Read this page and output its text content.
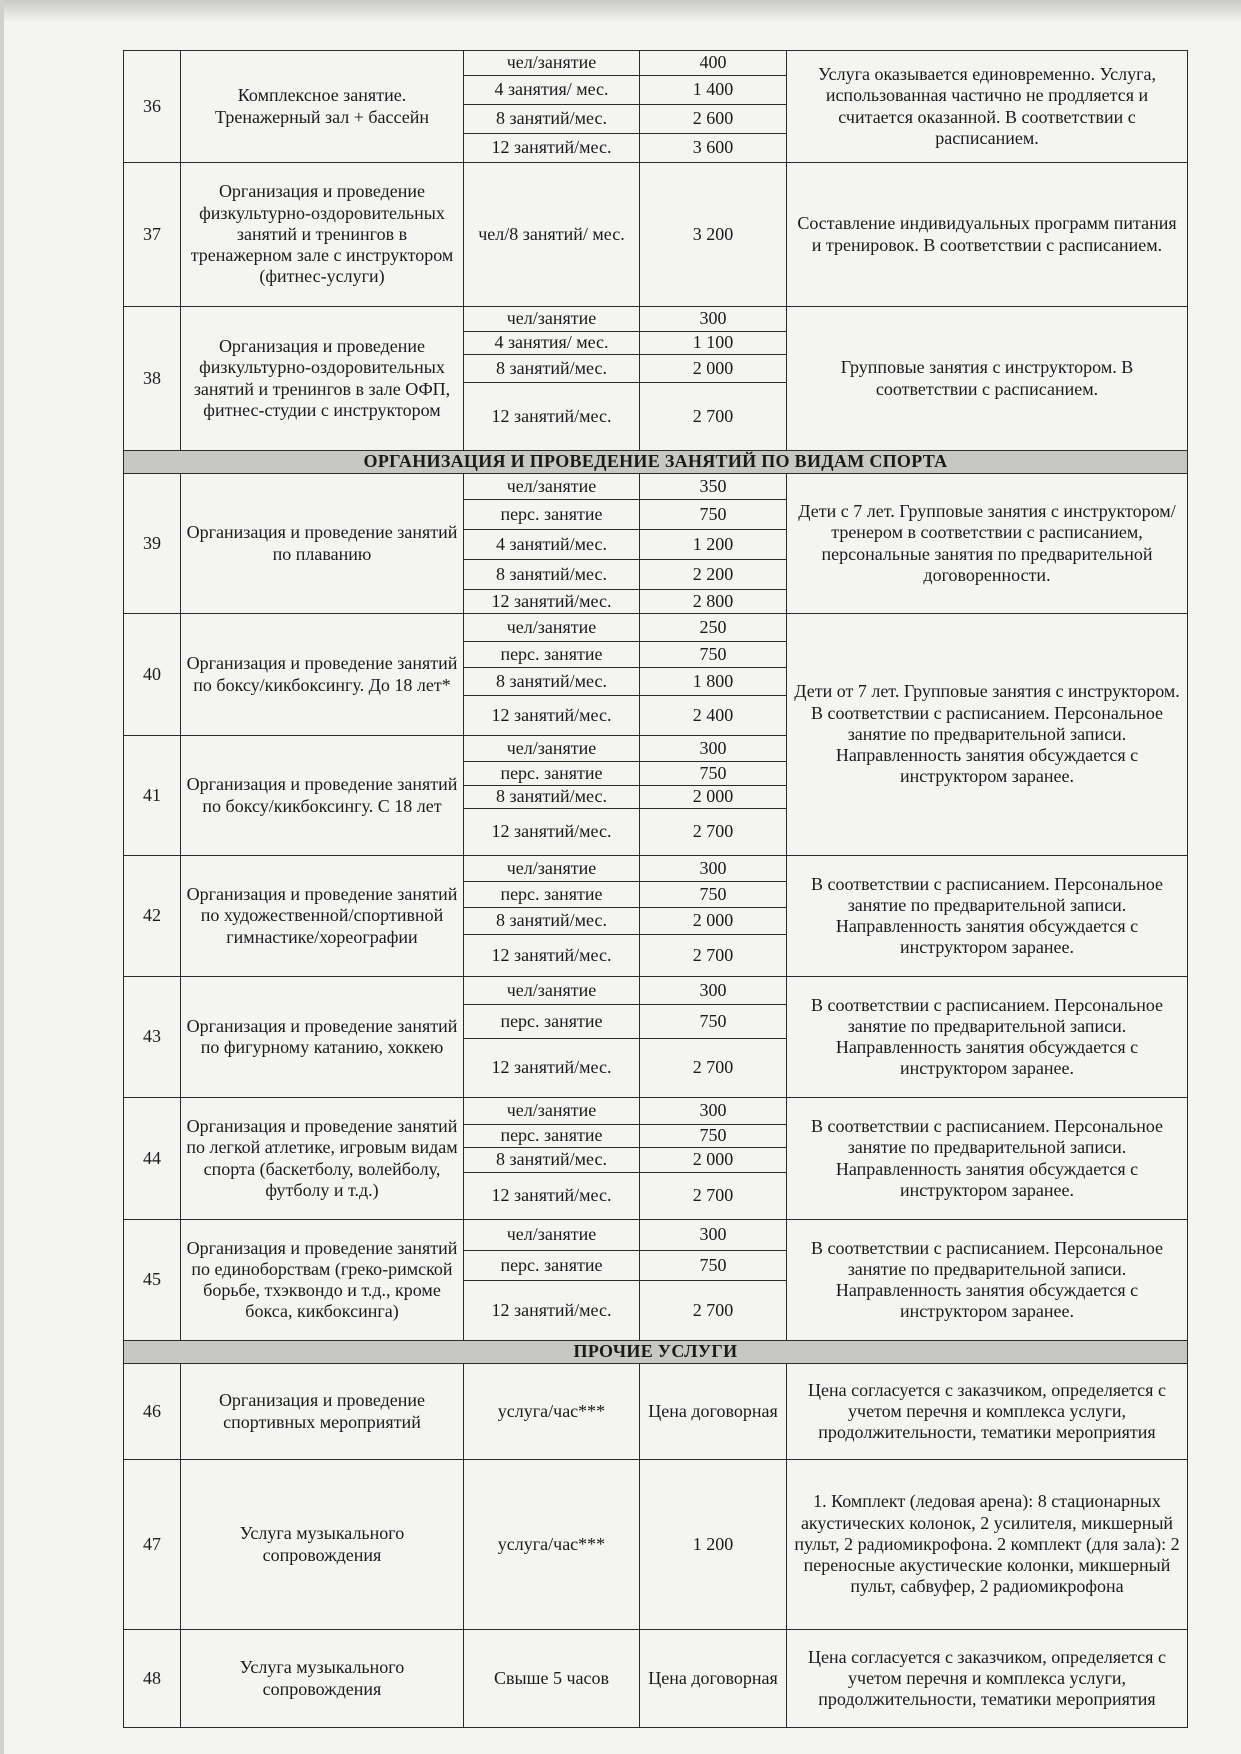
36	Комплексное занятие. Тренажерный зал + бассейн	чел/занятие	400	Услуга оказывается единовременно. Услуга, использованная частично не продляется и считается оказанной. В соответствии с расписанием.
		4 занятия/ мес.	1 400	
		8 занятий/мес.	2 600	
		12 занятий/мес.	3 600	
37	Организация и проведение физкультурно-оздоровительных занятий и тренингов в тренажерном зале с инструктором (фитнес-услуги)	чел/8 занятий/ мес.	3 200	Составление индивидуальных программ питания и тренировок. В соответствии с расписанием.
38	Организация и проведение физкультурно-оздоровительных занятий и тренингов в зале ОФП, фитнес-студии с инструктором	чел/занятие	300	Групповые занятия с инструктором. В соответствии с расписанием.
		4 занятия/ мес.	1 100	
		8 занятий/мес.	2 000	
		12 занятий/мес.	2 700	
ОРГАНИЗАЦИЯ И ПРОВЕДЕНИЕ ЗАНЯТИЙ ПО ВИДАМ СПОРТА				
39	Организация и проведение занятий по плаванию	чел/занятие	350	Дети с 7 лет. Групповые занятия с инструктором/тренером в соответствии с расписанием, персональные занятия по предварительной договоренности.
		перс. занятие	750	
		4 занятий/мес.	1 200	
		8 занятий/мес.	2 200	
		12 занятий/мес.	2 800	
40	Организация и проведение занятий по боксу/кикбоксингу. До 18 лет*	чел/занятие	250	Дети от 7 лет. Групповые занятия с инструктором. В соответствии с расписанием. Персональное занятие по предварительной записи. Направленность занятия обсуждается с инструктором заранее.
		перс. занятие	750	
		8 занятий/мес.	1 800	
		12 занятий/мес.	2 400	
41	Организация и проведение занятий по боксу/кикбоксингу. С 18 лет	чел/занятие	300	
		перс. занятие	750	
		8 занятий/мес.	2 000	
		12 занятий/мес.	2 700	
42	Организация и проведение занятий по художественной/спортивной гимнастике/хореографии	чел/занятие	300	В соответствии с расписанием. Персональное занятие по предварительной записи. Направленность занятия обсуждается с инструктором заранее.
		перс. занятие	750	
		8 занятий/мес.	2 000	
		12 занятий/мес.	2 700	
43	Организация и проведение занятий по фигурному катанию, хоккею	чел/занятие	300	В соответствии с расписанием. Персональное занятие по предварительной записи. Направленность занятия обсуждается с инструктором заранее.
		перс. занятие	750	
		12 занятий/мес.	2 700	
44	Организация и проведение занятий по легкой атлетике, игровым видам спорта (баскетболу, волейболу, футболу и т.д.)	чел/занятие	300	В соответствии с расписанием. Персональное занятие по предварительной записи. Направленность занятия обсуждается с инструктором заранее.
		перс. занятие	750	
		8 занятий/мес.	2 000	
		12 занятий/мес.	2 700	
45	Организация и проведение занятий по единоборствам (греко-римской борьбе, тхэквондо и т.д., кроме бокса, кикбоксинга)	чел/занятие	300	В соответствии с расписанием. Персональное занятие по предварительной записи. Направленность занятия обсуждается с инструктором заранее.
		перс. занятие	750	
		12 занятий/мес.	2 700	
ПРОЧИЕ УСЛУГИ				
46	Организация и проведение спортивных мероприятий	услуга/час***	Цена договорная	Цена согласуется с заказчиком, определяется с учетом перечня и комплекса услуги, продолжительности, тематики мероприятия
47	Услуга музыкального сопровождения	услуга/час***	1 200	1. Комплект (ледовая арена): 8 стационарных акустических колонок, 2 усилителя, микшерный пульт, 2 радиомикрофона. 2 комплект (для зала): 2 переносные акустические колонки, микшерный пульт, сабвуфер, 2 радиомикрофона
48	Услуга музыкального сопровождения	Свыше 5 часов	Цена договорная	Цена согласуется с заказчиком, определяется с учетом перечня и комплекса услуги, продолжительности, тематики мероприятия
